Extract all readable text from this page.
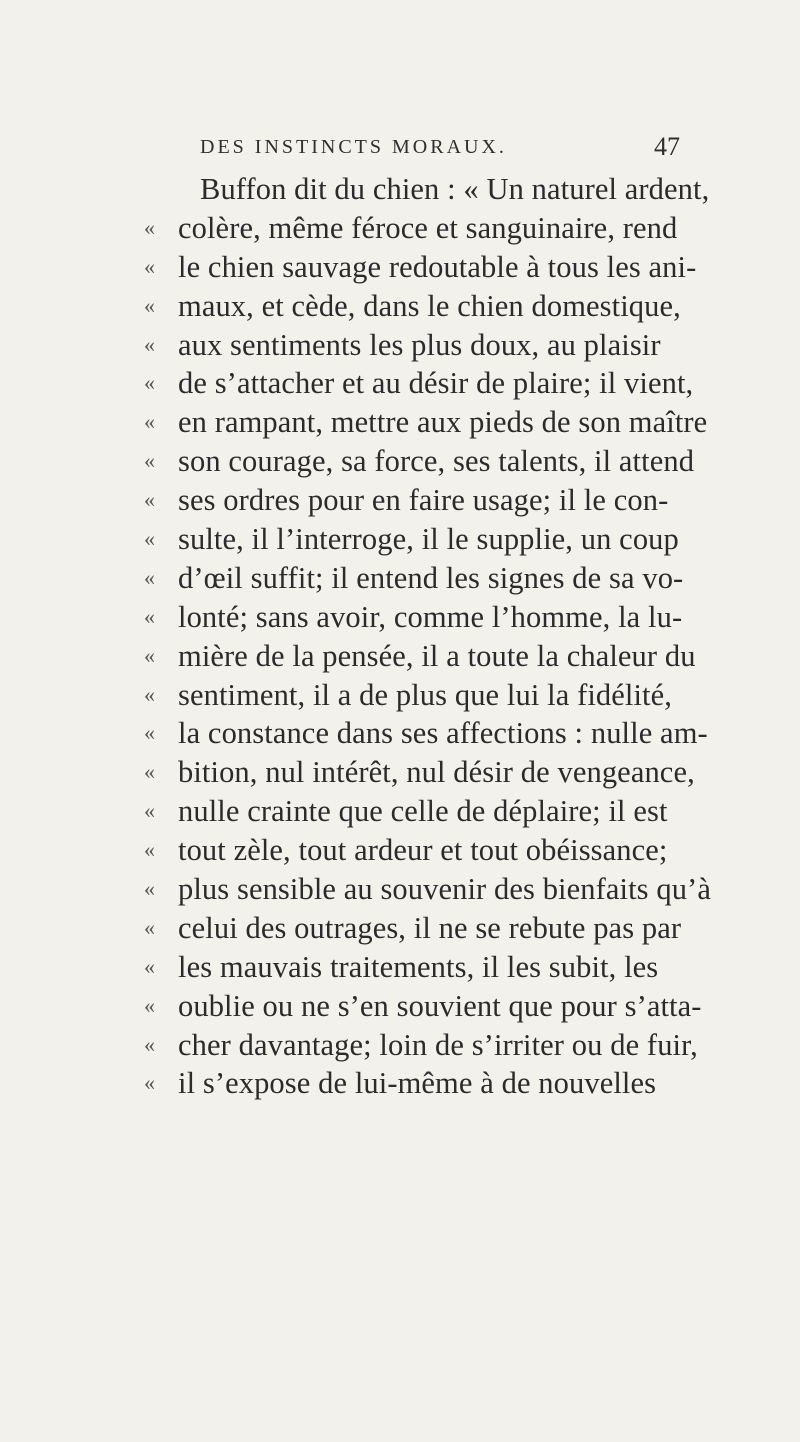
DES INSTINCTS MORAUX.	47
Buffon dit du chien : « Un naturel ardent,
« colère, même féroce et sanguinaire, rend
« le chien sauvage redoutable à tous les ani-
« maux, et cède, dans le chien domestique,
« aux sentiments les plus doux, au plaisir
« de s’attacher et au désir de plaire; il vient,
« en rampant, mettre aux pieds de son maître
« son courage, sa force, ses talents, il attend
« ses ordres pour en faire usage; il le con-
« sulte, il l’interroge, il le supplie, un coup
« d’œil suffit; il entend les signes de sa vo-
« lonté; sans avoir, comme l’homme, la lu-
« mière de la pensée, il a toute la chaleur du
« sentiment, il a de plus que lui la fidélité,
« la constance dans ses affections : nulle am-
« bition, nul intérêt, nul désir de vengeance,
« nulle crainte que celle de déplaire; il est
« tout zèle, tout ardeur et tout obéissance;
« plus sensible au souvenir des bienfaits qu’à
« celui des outrages, il ne se rebute pas par
« les mauvais traitements, il les subit, les
« oublie ou ne s’en souvient que pour s’atta-
« cher davantage; loin de s’irriter ou de fuir,
« il s’expose de lui-même à de nouvelles
